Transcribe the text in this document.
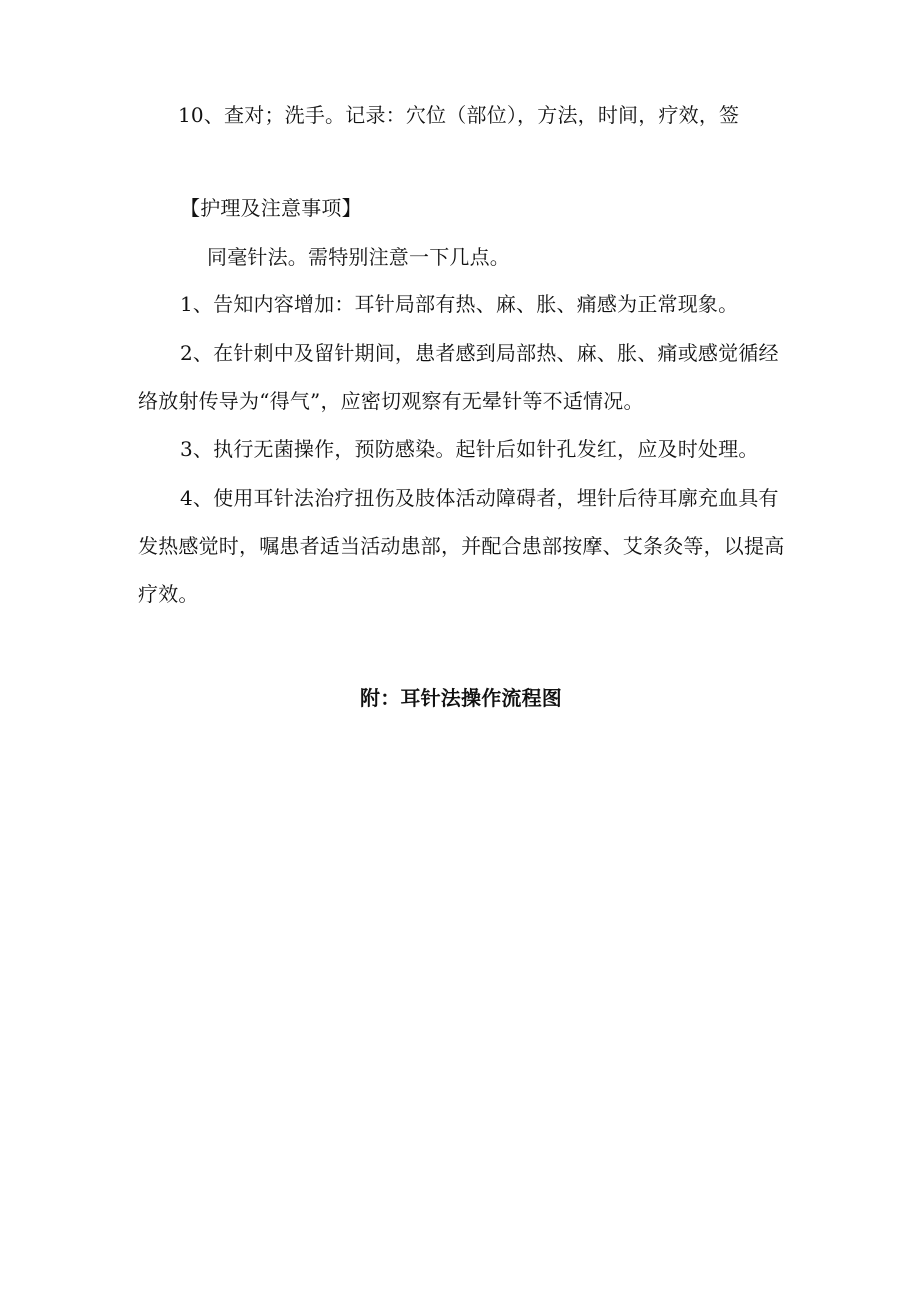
10、查对；洗手。记录：穴位（部位），方法，时间，疗效，签
【护理及注意事项】
同毫针法。需特别注意一下几点。
1、告知内容增加：耳针局部有热、麻、胀、痛感为正常现象。
2、在针刺中及留针期间，患者感到局部热、麻、胀、痛或感觉循经
络放射传导为“得气”，应密切观察有无晕针等不适情况。
3、执行无菌操作，预防感染。起针后如针孔发红，应及时处理。
4、使用耳针法治疗扭伤及肢体活动障碍者，埋针后待耳廓充血具有
发热感觉时，嘱患者适当活动患部，并配合患部按摩、艾条灸等，以提高
疗效。
附：耳针法操作流程图
